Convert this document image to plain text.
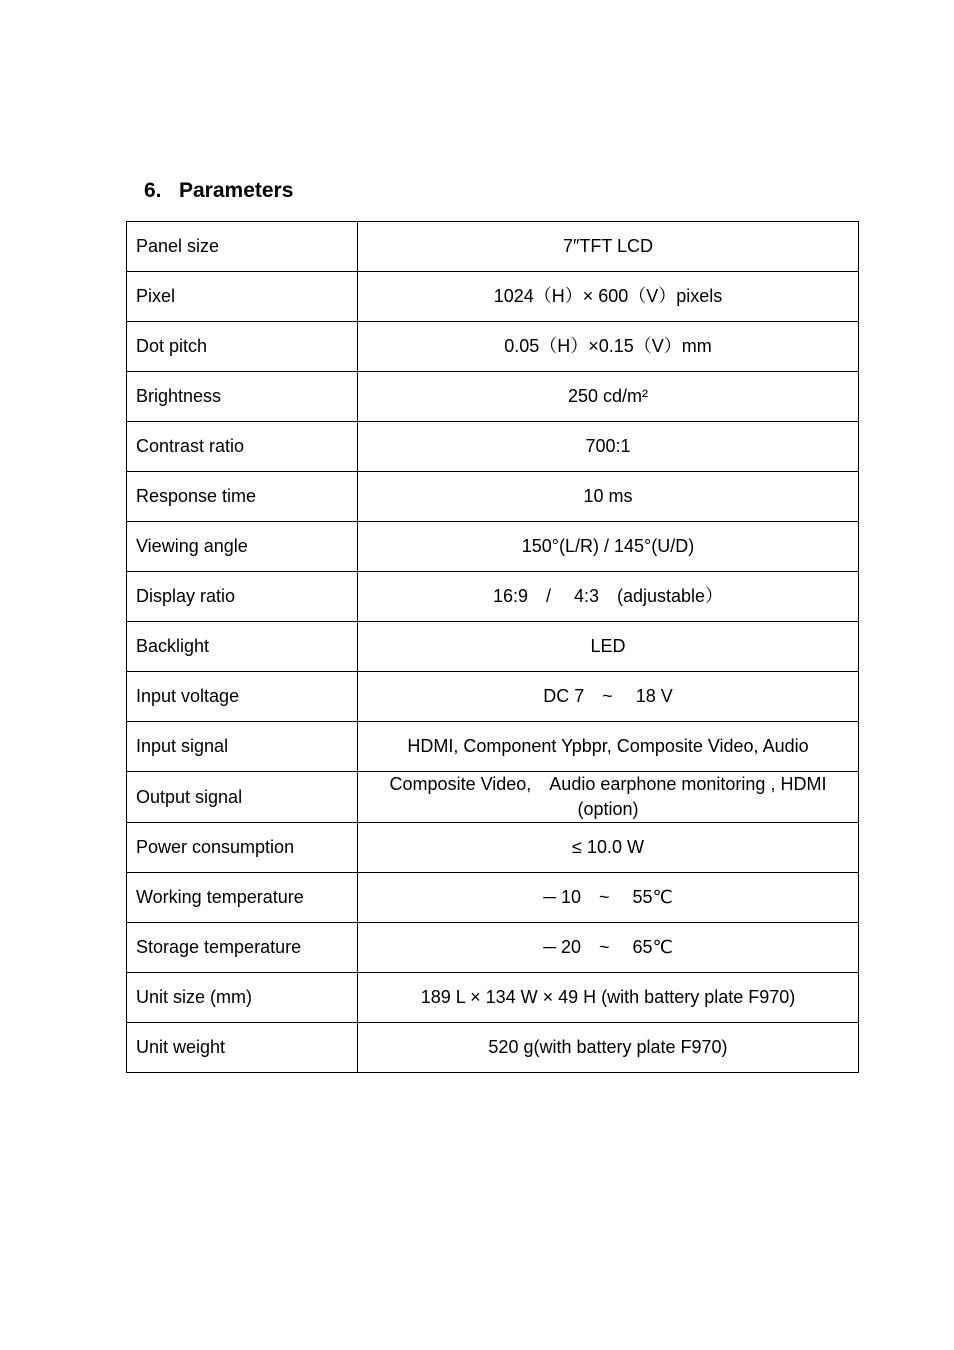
6. Parameters
Panel size	7″TFT LCD
Pixel	1024（H）× 600（V）pixels
Dot pitch	0.05（H）×0.15（V）mm
Brightness	250 cd/m²
Contrast ratio	700:1
Response time	10 ms
Viewing angle	150°(L/R) / 145°(U/D)
Display ratio	16:9　/　 4:3　(adjustable）
Backlight	LED
Input voltage	DC 7　~　 18 V
Input signal	HDMI, Component Ypbpr, Composite Video, Audio
Output signal	Composite Video,　Audio earphone monitoring , HDMI (option)
Power consumption	≤ 10.0 W
Working temperature	─ 10　~　 55℃
Storage temperature	─ 20　~　 65℃
Unit size (mm)	189 L × 134 W × 49 H (with battery plate F970)
Unit weight	520 g(with battery plate F970)
